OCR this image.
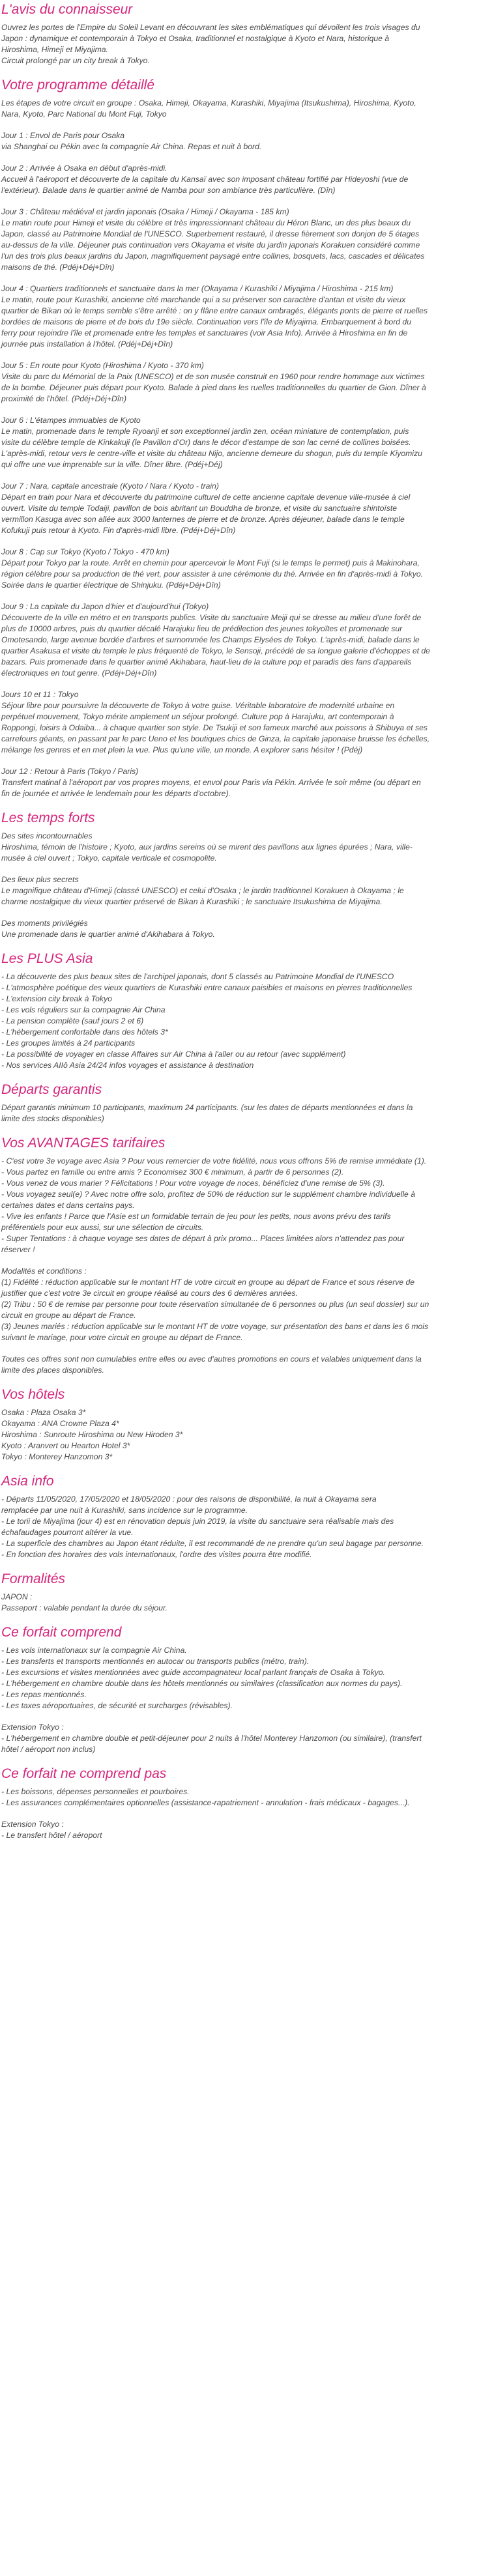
L'avis du connaisseur
Ouvrez les portes de l'Empire du Soleil Levant en découvrant les sites emblématiques qui dévoilent les trois visages du
Japon : dynamique et contemporain à Tokyo et Osaka, traditionnel et nostalgique à Kyoto et Nara, historique à
Hiroshima, Himeji et Miyajima.
Circuit prolongé par un city break à Tokyo.
Votre programme détaillé
Les étapes de votre circuit en groupe : Osaka, Himeji, Okayama, Kurashiki, Miyajima (Itsukushima), Hiroshima, Kyoto,
Nara, Kyoto, Parc National du Mont Fuji, Tokyo
Jour 1 : Envol de Paris pour Osaka
via Shanghai ou Pékin avec la compagnie Air China. Repas et nuit à bord.
Jour 2 : Arrivée à Osaka en début d'après-midi.
Accueil à l'aéroport et découverte de la capitale du Kansaï avec son imposant château fortifié par Hideyoshi (vue de
l'extérieur). Balade dans le quartier animé de Namba pour son ambiance très particulière. (Dîn)
Jour 3 : Château médiéval et jardin japonais (Osaka / Himeji / Okayama - 185 km)
Le matin route pour Himeji et visite du célèbre et très impressionnant château du Héron Blanc, un des plus beaux du
Japon, classé au Patrimoine Mondial de l'UNESCO. Superbement restauré, il dresse fièrement son donjon de 5 étages
au-dessus de la ville. Déjeuner puis continuation vers Okayama et visite du jardin japonais Korakuen considéré comme
l'un des trois plus beaux jardins du Japon, magnifiquement paysagé entre collines, bosquets, lacs, cascades et délicates
maisons de thé. (Pdéj+Déj+Dîn)
Jour 4 : Quartiers traditionnels et sanctuaire dans la mer (Okayama / Kurashiki / Miyajima / Hiroshima - 215 km)
Le matin, route pour Kurashiki, ancienne cité marchande qui a su préserver son caractère d'antan et visite du vieux
quartier de Bikan où le temps semble s'être arrêté : on y flâne entre canaux ombragés, élégants ponts de pierre et ruelles
bordées de maisons de pierre et de bois du 19e siècle. Continuation vers l'île de Miyajima. Embarquement à bord du
ferry pour rejoindre l'île et promenade entre les temples et sanctuaires (voir Asia Info). Arrivée à Hiroshima en fin de
journée puis installation à l'hôtel. (Pdéj+Déj+Dîn)
Jour 5 : En route pour Kyoto (Hiroshima / Kyoto - 370 km)
Visite du parc du Mémorial de la Paix (UNESCO) et de son musée construit en 1960 pour rendre hommage aux victimes
de la bombe. Déjeuner puis départ pour Kyoto. Balade à pied dans les ruelles traditionnelles du quartier de Gion. Dîner à
proximité de l'hôtel. (Pdéj+Déj+Dîn)
Jour 6 : L'étampes immuables de Kyoto
Le matin, promenade dans le temple Ryoanji et son exceptionnel jardin zen, océan miniature de contemplation, puis
visite du célèbre temple de Kinkakuji (le Pavillon d'Or) dans le décor d'estampe de son lac cerné de collines boisées.
L'après-midi, retour vers le centre-ville et visite du château Nijo, ancienne demeure du shogun, puis du temple Kiyomizu
qui offre une vue imprenable sur la ville. Dîner libre. (Pdéj+Déj)
Jour 7 : Nara, capitale ancestrale (Kyoto / Nara / Kyoto - train)
Départ en train pour Nara et découverte du patrimoine culturel de cette ancienne capitale devenue ville-musée à ciel
ouvert. Visite du temple Todaiji, pavillon de bois abritant un Bouddha de bronze, et visite du sanctuaire shintoïste
vermillon Kasuga avec son allée aux 3000 lanternes de pierre et de bronze. Après déjeuner, balade dans le temple
Kofukuji puis retour à Kyoto. Fin d'après-midi libre. (Pdéj+Déj+Dîn)
Jour 8 : Cap sur Tokyo (Kyoto / Tokyo - 470 km)
Départ pour Tokyo par la route. Arrêt en chemin pour apercevoir le Mont Fuji (si le temps le permet) puis à Makinohara,
région célèbre pour sa production de thé vert, pour assister à une cérémonie du thé. Arrivée en fin d'après-midi à Tokyo.
Soirée dans le quartier électrique de Shinjuku. (Pdéj+Déj+Dîn)
Jour 9 : La capitale du Japon d'hier et d'aujourd'hui (Tokyo)
Découverte de la ville en métro et en transports publics. Visite du sanctuaire Meiji qui se dresse au milieu d'une forêt de
plus de 10000 arbres, puis du quartier décalé Harajuku lieu de prédilection des jeunes tokyoïtes et promenade sur
Omotesando, large avenue bordée d'arbres et surnommée les Champs Elysées de Tokyo. L'après-midi, balade dans le
quartier Asakusa et visite du temple le plus fréquenté de Tokyo, le Sensoji, précédé de sa longue galerie d'échoppes et de
bazars. Puis promenade dans le quartier animé Akihabara, haut-lieu de la culture pop et paradis des fans d'appareils
électroniques en tout genre. (Pdéj+Déj+Dîn)
Jours 10 et 11 : Tokyo
Séjour libre pour poursuivre la découverte de Tokyo à votre guise. Véritable laboratoire de modernité urbaine en
perpétuel mouvement, Tokyo mérite amplement un séjour prolongé. Culture pop à Harajuku, art contemporain à
Roppongi, loisirs à Odaiba... à chaque quartier son style. De Tsukiji et son fameux marché aux poissons à Shibuya et ses
carrefours géants, en passant par le parc Ueno et les boutiques chics de Ginza, la capitale japonaise bruisse les échelles,
mélange les genres et en met plein la vue. Plus qu'une ville, un monde. A explorer sans hésiter ! (Pdéj)
Jour 12 : Retour à Paris (Tokyo / Paris)
Transfert matinal à l'aéroport par vos propres moyens, et envol pour Paris via Pékin. Arrivée le soir même (ou départ en
fin de journée et arrivée le lendemain pour les départs d'octobre).
Les temps forts
Des sites incontournables
Hiroshima, témoin de l'histoire ; Kyoto, aux jardins sereins où se mirent des pavillons aux lignes épurées ; Nara, ville-
musée à ciel ouvert ; Tokyo, capitale verticale et cosmopolite.
Des lieux plus secrets
Le magnifique château d'Himeji (classé UNESCO) et celui d'Osaka ; le jardin traditionnel Korakuen à Okayama ; le
charme nostalgique du vieux quartier préservé de Bikan à Kurashiki ; le sanctuaire Itsukushima de Miyajima.
Des moments privilégiés
Une promenade dans le quartier animé d'Akihabara à Tokyo.
Les PLUS Asia
- La découverte des plus beaux sites de l'archipel japonais, dont 5 classés au Patrimoine Mondial de l'UNESCO
- L'atmosphère poétique des vieux quartiers de Kurashiki entre canaux paisibles et maisons en pierres traditionnelles
- L'extension city break à Tokyo
- Les vols réguliers sur la compagnie Air China
- La pension complète (sauf jours 2 et 6)
- L'hébergement confortable dans des hôtels 3*
- Les groupes limités à 24 participants
- La possibilité de voyager en classe Affaires sur Air China à l'aller ou au retour (avec supplément)
- Nos services AIIô Asia 24/24 infos voyages et assistance à destination
Départs garantis
Départ garantis minimum 10 participants, maximum 24 participants. (sur les dates de départs mentionnées et dans la
limite des stocks disponibles)
Vos AVANTAGES tarifaires
- C'est votre 3e voyage avec Asia ? Pour vous remercier de votre fidélité, nous vous offrons 5% de remise immédiate (1).
- Vous partez en famille ou entre amis ? Economisez 300 € minimum, à partir de 6 personnes (2).
- Vous venez de vous marier ? Félicitations ! Pour votre voyage de noces, bénéficiez d'une remise de 5% (3).
- Vous voyagez seul(e) ? Avec notre offre solo, profitez de 50% de réduction sur le supplément chambre individuelle à
certaines dates et dans certains pays.
- Vive les enfants ! Parce que l'Asie est un formidable terrain de jeu pour les petits, nous avons prévu des tarifs
préférentiels pour eux aussi, sur une sélection de circuits.
- Super Tentations : à chaque voyage ses dates de départ à prix promo... Places limitées alors n'attendez pas pour
réserver !
Modalités et conditions :
(1) Fidélité : réduction applicable sur le montant HT de votre circuit en groupe au départ de France et sous réserve de
justifier que c'est votre 3e circuit en groupe réalisé au cours des 6 dernières années.
(2) Tribu : 50 € de remise par personne pour toute réservation simultanée de 6 personnes ou plus (un seul dossier) sur un
circuit en groupe au départ de France.
(3) Jeunes mariés : réduction applicable sur le montant HT de votre voyage, sur présentation des bans et dans les 6 mois
suivant le mariage, pour votre circuit en groupe au départ de France.
Toutes ces offres sont non cumulables entre elles ou avec d'autres promotions en cours et valables uniquement dans la
limite des places disponibles.
Vos hôtels
Osaka : Plaza Osaka 3*
Okayama : ANA Crowne Plaza 4*
Hiroshima : Sunroute Hiroshima ou New Hiroden 3*
Kyoto : Aranvert ou Hearton Hotel 3*
Tokyo : Monterey Hanzomon 3*
Asia info
- Départs 11/05/2020, 17/05/2020 et 18/05/2020 : pour des raisons de disponibilité, la nuit à Okayama sera
remplacée par une nuit à Kurashiki, sans incidence sur le programme.
- Le torii de Miyajima (jour 4) est en rénovation depuis juin 2019, la visite du sanctuaire sera réalisable mais des
échafaudages pourront altérer la vue.
- La superficie des chambres au Japon étant réduite, il est recommandé de ne prendre qu'un seul bagage par personne.
- En fonction des horaires des vols internationaux, l'ordre des visites pourra être modifié.
Formalités
JAPON :
Passeport : valable pendant la durée du séjour.
Ce forfait comprend
- Les vols internationaux sur la compagnie Air China.
- Les transferts et transports mentionnés en autocar ou transports publics (métro, train).
- Les excursions et visites mentionnées avec guide accompagnateur local parlant français de Osaka à Tokyo.
- L'hébergement en chambre double dans les hôtels mentionnés ou similaires (classification aux normes du pays).
- Les repas mentionnés.
- Les taxes aéroportuaires, de sécurité et surcharges (révisables).
Extension Tokyo :
- L'hébergement en chambre double et petit-déjeuner pour 2 nuits à l'hôtel Monterey Hanzomon (ou similaire), (transfert
hôtel / aéroport non inclus)
Ce forfait ne comprend pas
- Les boissons, dépenses personnelles et pourboires.
- Les assurances complémentaires optionnelles (assistance-rapatriement - annulation - frais médicaux - bagages...).
Extension Tokyo :
- Le transfert hôtel / aéroport
